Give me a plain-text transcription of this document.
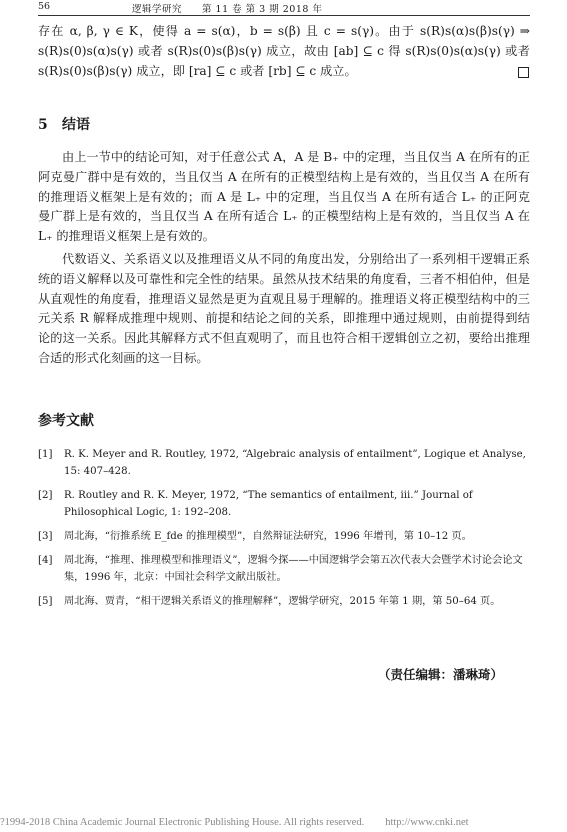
56	逻辑学研究　　第 11 卷 第 3 期 2018 年

存在 α, β, γ ∈ K，使得 a = s(α)，b = s(β) 且 c = s(γ)。由于 s(R)s(α)s(β)s(γ) ⇒ s(R)s(0)s(α)s(γ) 或者 s(R)s(0)s(β)s(γ) 成立，故由 [ab] ⊆ c 得 s(R)s(0)s(α)s(γ) 或者 s(R)s(0)s(β)s(γ) 成立，即 [ra] ⊆ c 或者 [rb] ⊆ c 成立。

5 结语

由上一节中的结论可知，对于任意公式 A，A 是 B₊ 中的定理，当且仅当 A 在所有的正阿克曼广群中是有效的，当且仅当 A 在所有的正模型结构上是有效的，当且仅当 A 在所有的推理语义框架上是有效的；而 A 是 L₊ 中的定理，当且仅当 A 在所有适合 L₊ 的正阿克曼广群上是有效的，当且仅当 A 在所有适合 L₊ 的正模型结构上是有效的，当且仅当 A 在 L₊ 的推理语义框架上是有效的。

代数语义、关系语义以及推理语义从不同的角度出发，分别给出了一系列相干逻辑正系统的语义解释以及可靠性和完全性的结果。虽然从技术结果的角度看，三者不相伯仲，但是从直观性的角度看，推理语义显然是更为直观且易于理解的。推理语义将正模型结构中的三元关系 R 解释成推理中规则、前提和结论之间的关系，即推理中通过规则，由前提得到结论的这一关系。因此其解释方式不但直观明了，而且也符合相干逻辑创立之初，要给出推理合适的形式化刻画的这一目标。

参考文献
[1] R. K. Meyer and R. Routley, 1972, “Algebraic analysis of entailment”, Logique et Analyse, 15: 407–428.
[2] R. Routley and R. K. Meyer, 1972, “The semantics of entailment, iii.” Journal of Philosophical Logic, 1: 192–208.
[3] 周北海，“衍推系统 E_fde 的推理模型”，自然辩证法研究，1996 年增刊，第 10–12 页。
[4] 周北海，“推理、推理模型和推理语义”，逻辑今探——中国逻辑学会第五次代表大会暨学术讨论会论文集，1996 年，北京：中国社会科学文献出版社。
[5] 周北海、贾青，“相干逻辑关系语义的推理解释”，逻辑学研究，2015 年第 1 期，第 50–64 页。
（责任编辑：潘琳琦）
?1994-2018 China Academic Journal Electronic Publishing House. All rights reserved.　　http://www.cnki.net
